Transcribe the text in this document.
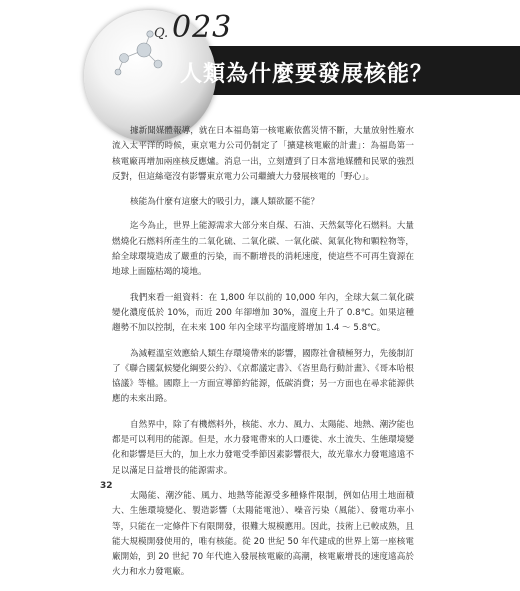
Q. 023
人類為什麼要發展核能？

據新聞媒體報導，就在日本福島第一核電廠依舊災情不斷，大量放射性廢水流入太平洋的時候，東京電力公司仍制定了「擴建核電廠的計畫」：為福島第一核電廠再增加兩座核反應爐。消息一出，立刻遭到了日本當地媒體和民眾的強烈反對，但這絲毫沒有影響東京電力公司繼續大力發展核電的「野心」。

核能為什麼有這麼大的吸引力，讓人類欲罷不能？

迄今為止，世界上能源需求大部分來自煤、石油、天然氣等化石燃料。大量燃燒化石燃料所產生的二氧化硫、二氧化碳、一氧化碳、氮氧化物和顆粒物等，給全球環境造成了嚴重的污染，而不斷增長的消耗速度，使這些不可再生資源在地球上面臨枯竭的境地。

我們來看一組資料：在 1,800 年以前的 10,000 年內，全球大氣二氧化碳變化濃度低於 10%，而近 200 年卻增加 30%，溫度上升了 0.8℃。如果這種趨勢不加以控制，在未來 100 年內全球平均溫度將增加 1.4 ～ 5.8℃。

為減輕溫室效應給人類生存環境帶來的影響，國際社會積極努力，先後制訂了《聯合國氣候變化綱要公約》、《京都議定書》、《峇里島行動計畫》、《哥本哈根協議》等檔。國際上一方面宣導節約能源，低碳消費；另一方面也在尋求能源供應的未來出路。

自然界中，除了有機燃料外，核能、水力、風力、太陽能、地熱、潮汐能也都是可以利用的能源。但是，水力發電帶來的人口遷徙、水土流失、生態環境變化和影響是巨大的，加上水力發電受季節因素影響很大，故光靠水力發電遠遠不足以滿足日益增長的能源需求。

太陽能、潮汐能、風力、地熱等能源受多種條件限制，例如佔用土地面積大、生態環境變化、製造影響（太陽能電池）、噪音污染（風能）、發電功率小等，只能在一定條件下有限開發，很難大規模應用。因此，技術上已較成熟，且能大規模開發使用的，唯有核能。從 20 世紀 50 年代建成的世界上第一座核電廠開始，到 20 世紀 70 年代進入發展核電廠的高潮，核電廠增長的速度遠高於火力和水力發電廠。

32
